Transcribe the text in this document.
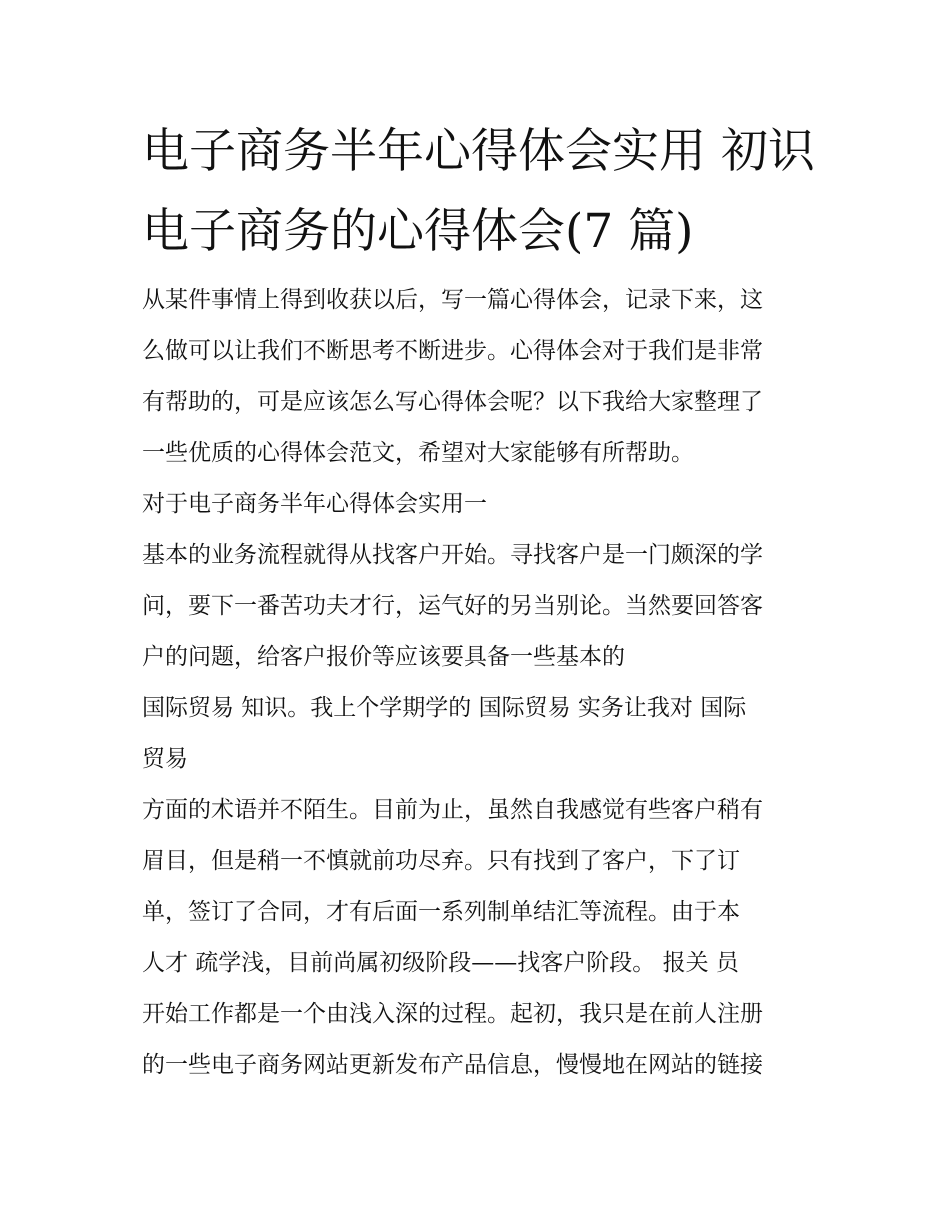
电子商务半年心得体会实用 初识电子商务的心得体会(7 篇)

从某件事情上得到收获以后，写一篇心得体会，记录下来，这

么做可以让我们不断思考不断进步。心得体会对于我们是非常

有帮助的，可是应该怎么写心得体会呢？以下我给大家整理了

一些优质的心得体会范文，希望对大家能够有所帮助。

对于电子商务半年心得体会实用一

基本的业务流程就得从找客户开始。寻找客户是一门颇深的学

问，要下一番苦功夫才行，运气好的另当别论。当然要回答客

户的问题，给客户报价等应该要具备一些基本的

国际贸易 知识。我上个学期学的 国际贸易 实务让我对 国际

贸易

方面的术语并不陌生。目前为止，虽然自我感觉有些客户稍有

眉目，但是稍一不慎就前功尽弃。只有找到了客户，下了订

单，签订了合同，才有后面一系列制单结汇等流程。由于本

人才 疏学浅，目前尚属初级阶段——找客户阶段。 报关 员

开始工作都是一个由浅入深的过程。起初，我只是在前人注册

的一些电子商务网站更新发布产品信息，慢慢地在网站的链接
